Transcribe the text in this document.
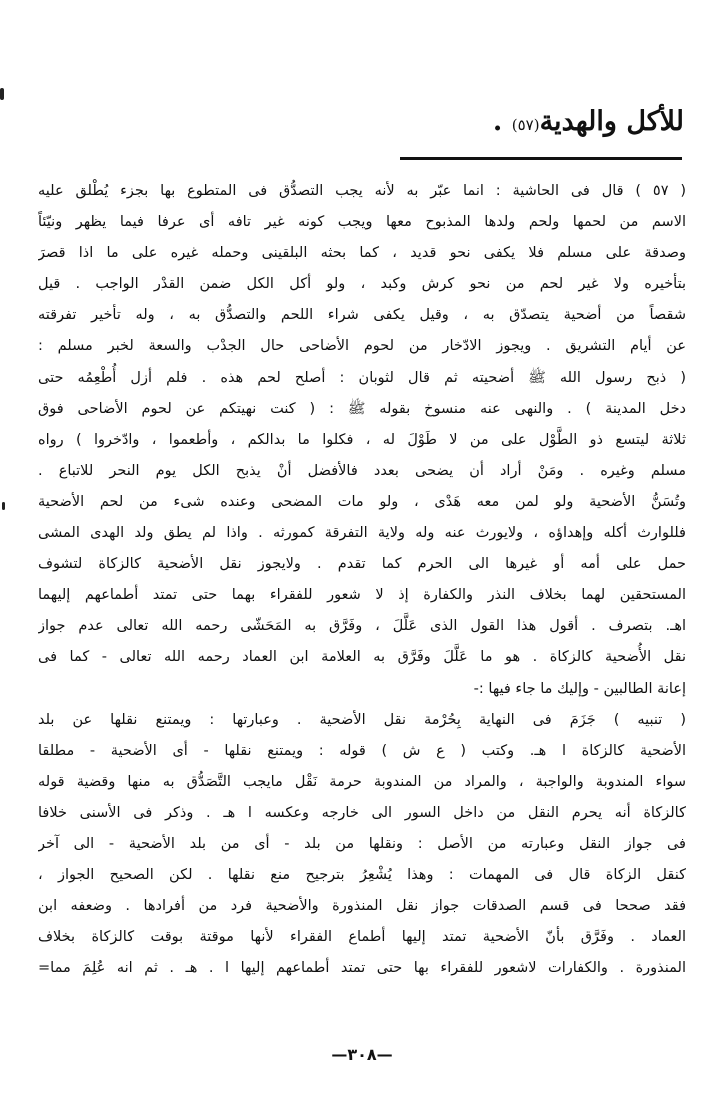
للأكل والهدية(٥٧) .
( ٥٧ ) قال فى الحاشية : انما عبّر به لأنه يجب التصدُّق فى المتطوع بها بجزء يُطْلق عليه
الاسم من لحمها ولحم ولدها المذبوح معها ويجب كونه غير تافه أى عرفا فيما يظهر ونيّئاً
وصدقة على مسلم فلا يكفى نحو قديد ، كما بحثه البلقينى وحمله غيره على ما اذا قصرَ
بتأخيره ولا غير لحم من نحو كرش وكبد ، ولو أكل الكل ضمن القدْر الواجب . قيل
شقصاً من أضحية يتصدّق به ، وقيل يكفى شراء اللحم والتصدُّق به ، وله تأخير تفرقته
عن أيام التشريق . ويجوز الادّخار من لحوم الأضاحى حال الجدْب والسعة لخبر مسلم :
( ذبح رسول الله ﷺ أضحيته ثم قال لثوبان : أصلح لحم هذه . فلم أزل أُطْعِمُه حتى
دخل المدينة ) . والنهى عنه منسوخ بقوله ﷺ : ( كنت نهيتكم عن لحوم الأضاحى فوق
ثلاثة ليتسع ذو الطَّوْل على من لا طَوْلَ له ، فكلوا ما بدالكم ، وأطعموا ، وادّخروا ) رواه
مسلم وغيره . ومَنْ أراد أن يضحى بعدد فالأفضل أنْ يذبح الكل يوم النحر للاتباع .
وتُسَنُّ الأضحية ولو لمن معه هَدْى ، ولو مات المضحى وعنده شىء من لحم الأضحية
فللوارث أكله وإهداؤه ، ولايورث عنه وله ولاية التفرقة كمورثه . واذا لم يطق ولد الهدى المشى
حمل على أمه أو غيرها الى الحرم كما تقدم . ولايجوز نقل الأضحية كالزكاة لتشوف
المستحقين لهما بخلاف النذر والكفارة إذ لا شعور للفقراء بهما حتى تمتد أطماعهم إليهما
اهـ. بتصرف . أقول هذا القول الذى عَلَّلَ ، وفَرَّق به المَحَشّى رحمه الله تعالى عدم جواز
نقل الأُضحية كالزكاة . هو ما عَلَّلَ وفَرَّق به العلامة ابن العماد رحمه الله تعالى - كما فى
إعانة الطالبين - وإليك ما جاء فيها :-
( تنبيه ) جَزَمَ فى النهاية بِحُرْمة نقل الأضحية . وعبارتها : ويمتنع نقلها عن بلد
الأضحية كالزكاة ا هـ. وكتب ( ع ش ) قوله : ويمتنع نقلها - أى الأضحية - مطلقا
سواء المندوبة والواجبة ، والمراد من المندوبة حرمة نَقْل مايجب التَّصَدُّق به منها وقضية قوله
كالزكاة أنه يحرم النقل من داخل السور الى خارجه وعكسه ا هـ . وذكر فى الأسنى خلافا
فى جواز النقل وعبارته من الأصل : ونقلها من بلد - أى من بلد الأضحية - الى آخر
كنقل الزكاة قال فى المهمات : وهذا يُشْعِرُ بترجيح منع نقلها . لكن الصحيح الجواز ،
فقد صححا فى قسم الصدقات جواز نقل المنذورة والأضحية فرد من أفرادها . وضعفه ابن
العماد . وفَرَّق بأنّ الأضحية تمتد إليها أطماع الفقراء لأنها موقتة بوقت كالزكاة بخلاف
المنذورة . والكفارات لاشعور للفقراء بها حتى تمتد أطماعهم إليها ا . هـ . ثم انه عُلِمَ مما=
—٣٠٨—
